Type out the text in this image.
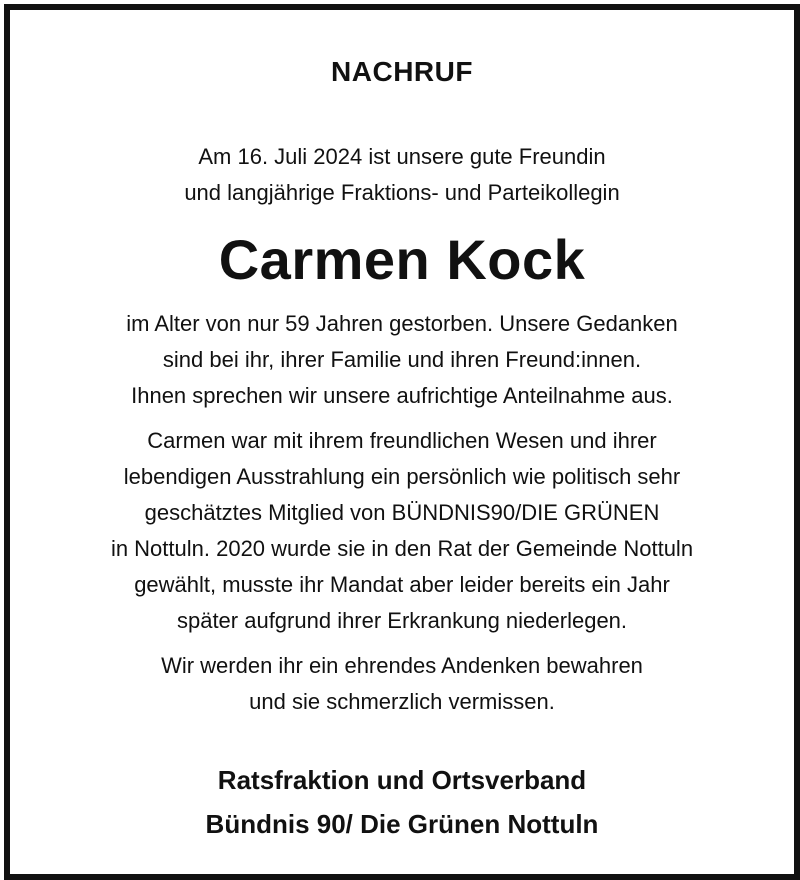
NACHRUF
Am 16. Juli 2024 ist unsere gute Freundin
und langjährige Fraktions- und Parteikollegin
Carmen Kock
im Alter von nur 59 Jahren gestorben. Unsere Gedanken
sind bei ihr, ihrer Familie und ihren Freund:innen.
Ihnen sprechen wir unsere aufrichtige Anteilnahme aus.
Carmen war mit ihrem freundlichen Wesen und ihrer
lebendigen Ausstrahlung ein persönlich wie politisch sehr
geschätztes Mitglied von BÜNDNIS90/DIE GRÜNEN
in Nottuln. 2020 wurde sie in den Rat der Gemeinde Nottuln
gewählt, musste ihr Mandat aber leider bereits ein Jahr
später aufgrund ihrer Erkrankung niederlegen.
Wir werden ihr ein ehrendes Andenken bewahren
und sie schmerzlich vermissen.
Ratsfraktion und Ortsverband
Bündnis 90/ Die Grünen Nottuln
